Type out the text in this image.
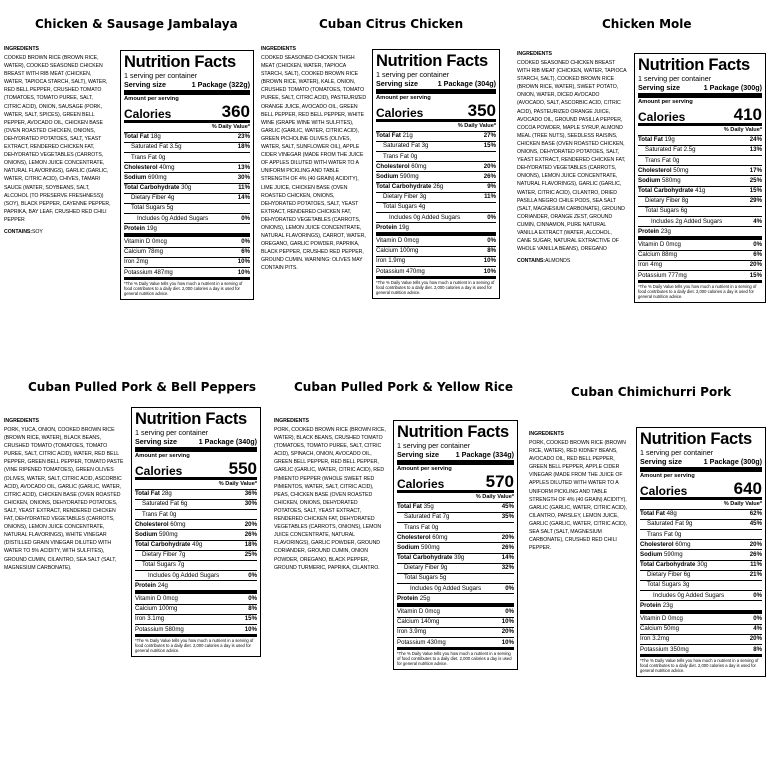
Chicken & Sausage Jambalaya
INGREDIENTS
COOKED BROWN RICE (BROWN RICE, WATER), COOKED SEASONED CHICKEN BREAST WITH RIB MEAT (CHICKEN, WATER, TAPIOCA STARCH, SALT), WATER, RED BELL PEPPER, CRUSHED TOMATO (TOMATOES, TOMATO PUREE, SALT, CITRIC ACID), ONION, SAUSAGE (PORK, WATER, SALT, SPICES), GREEN BELL PEPPER, AVOCADO OIL, CHICKEN BASE (OVEN ROASTED CHICKEN, ONIONS, DEHYDRATED POTATOES, SALT, YEAST EXTRACT, RENDERED CHICKEN FAT, DEHYDRATED VEGETABLES (CARROTS, ONIONS), LEMON JUICE CONCENTRATE, NATURAL FLAVORINGS), GARLIC (GARLIC, WATER, CITRIC ACID), CHIVES, TAMARI SAUCE (WATER, SOYBEANS, SALT, ALCOHOL (TO PRESERVE FRESHNESS)) (SOY), BLACK PEPPER, CAYENNE PEPPER, PAPRIKA, BAY LEAF, CRUSHED RED CHILI PEPPER
CONTAINS:SOY
Nutrition Facts
1 serving per container
Serving size	1 Package (322g)
Amount per serving
Calories	360
% Daily Value*
Total Fat 18g	23%
Saturated Fat 3.5g	18%
Trans Fat 0g
Cholesterol 40mg	13%
Sodium 690mg	30%
Total Carbohydrate 30g	11%
Dietary Fiber 4g	14%
Total Sugars 5g
Includes 0g Added Sugars	0%
Protein 19g
Vitamin D 0mcg	0%
Calcium 78mg	6%
Iron 2mg	10%
Potassium 487mg	10%
*The % Daily Value tells you how much a nutrient in a serving of food contributes to a daily diet. 2,000 calories a day is used for general nutrition advice.
Cuban Citrus Chicken
INGREDIENTS
COOKED SEASONED CHICKEN THIGH MEAT (CHICKEN, WATER, TAPIOCA STARCH, SALT), COOKED BROWN RICE (BROWN RICE, WATER), KALE, ONION, CRUSHED TOMATO (TOMATOES, TOMATO PUREE, SALT, CITRIC ACID), PASTEURIZED ORANGE JUICE, AVOCADO OIL, GREEN BELL PEPPER, RED BELL PEPPER, WHITE WINE (GRAPE WINE WITH SULFITES), GARLIC (GARLIC, WATER, CITRIC ACID), GREEN PICHOLINE OLIVES (OLIVES, WATER, SALT, SUNFLOWER OIL), APPLE CIDER VINEGAR (MADE FROM THE JUICE OF APPLES DILUTED WITH WATER TO A UNIFORM PICKLING AND TABLE STRENGTH OF 4% (40 GRAIN) ACIDITY), LIME JUICE, CHICKEN BASE (OVEN ROASTED CHICKEN, ONIONS, DEHYDRATED POTATOES, SALT, YEAST EXTRACT, RENDERED CHICKEN FAT, DEHYDRATED VEGETABLES (CARROTS, ONIONS), LEMON JUICE CONCENTRATE, NATURAL FLAVORINGS), CARROT, WATER, OREGANO, GARLIC POWDER, PAPRIKA, BLACK PEPPER, CRUSHED RED PEPPER, GROUND CUMIN. WARNING: OLIVES MAY CONTAIN PITS.
Nutrition Facts
1 serving per container
Serving size	1 Package (304g)
Amount per serving
Calories	350
% Daily Value*
Total Fat 21g	27%
Saturated Fat 3g	15%
Trans Fat 0g
Cholesterol 60mg	20%
Sodium 590mg	26%
Total Carbohydrate 26g	9%
Dietary Fiber 3g	11%
Total Sugars 4g
Includes 0g Added Sugars	0%
Protein 19g
Vitamin D 0mcg	0%
Calcium 100mg	8%
Iron 1.9mg	10%
Potassium 470mg	10%
*The % Daily Value tells you how much a nutrient in a serving of food contributes to a daily diet. 2,000 calories a day is used for general nutrition advice.
Chicken Mole
INGREDIENTS
COOKED SEASONED CHICKEN BREAST WITH RIB MEAT (CHICKEN, WATER, TAPIOCA STARCH, SALT), COOKED BROWN RICE (BROWN RICE, WATER), SWEET POTATO, ONION, WATER, DICED AVOCADO (AVOCADO, SALT, ASCORBIC ACID, CITRIC ACID), PASTEURIZED ORANGE JUICE, AVOCADO OIL, GROUND PASILLA PEPPER, COCOA POWDER, MAPLE SYRUP, ALMOND MEAL (TREE NUTS), SEEDLESS RAISINS, CHICKEN BASE (OVEN ROASTED CHICKEN, ONIONS, DEHYDRATED POTATOES, SALT, YEAST EXTRACT, RENDERED CHICKEN FAT, DEHYDRATED VEGETABLES (CARROTS, ONIONS), LEMON JUICE CONCENTRATE, NATURAL FLAVORINGS), GARLIC (GARLIC, WATER, CITRIC ACID), CILANTRO, DRIED PASILLA NEGRO CHILE PODS, SEA SALT (SALT, MAGNESIUM CARBONATE), GROUND CORIANDER, ORANGE ZEST, GROUND CUMIN, CINNAMON, PURE NATURAL VANILLA EXTRACT (WATER, ALCOHOL, CANE SUGAR, NATURAL EXTRACTIVE OF WHOLE VANILLA BEANS), OREGANO
CONTAINS:ALMONDS
Nutrition Facts
1 serving per container
Serving size	1 Package (300g)
Amount per serving
Calories	410
% Daily Value*
Total Fat 19g	24%
Saturated Fat 2.5g	13%
Trans Fat 0g
Cholesterol 50mg	17%
Sodium 580mg	25%
Total Carbohydrate 41g	15%
Dietary Fiber 8g	29%
Total Sugars 6g
Includes 2g Added Sugars	4%
Protein 23g
Vitamin D 0mcg	0%
Calcium 88mg	6%
Iron 4mg	20%
Potassium 777mg	15%
*The % Daily Value tells you how much a nutrient in a serving of food contributes to a daily diet. 2,000 calories a day is used for general nutrition advice.
Cuban Pulled Pork & Bell Peppers
INGREDIENTS
PORK, YUCA, ONION, COOKED BROWN RICE (BROWN RICE, WATER), BLACK BEANS, CRUSHED TOMATO (TOMATOES, TOMATO PUREE, SALT, CITRIC ACID), WATER, RED BELL PEPPER, GREEN BELL PEPPER, TOMATO PASTE (VINE RIPENED TOMATOES), GREEN OLIVES (OLIVES, WATER, SALT, CITRIC ACID, ASCORBIC ACID), AVOCADO OIL, GARLIC (GARLIC, WATER, CITRIC ACID), CHICKEN BASE (OVEN ROASTED CHICKEN, ONIONS, DEHYDRATED POTATOES, SALT, YEAST EXTRACT, RENDERED CHICKEN FAT, DEHYDRATED VEGETABLES (CARROTS, ONIONS), LEMON JUICE CONCENTRATE, NATURAL FLAVORINGS), WHITE VINEGAR (DISTILLED GRAIN VINEGAR DILUTED WITH WATER TO 5% ACIDITY, WITH SULFITES), GROUND CUMIN, CILANTRO, SEA SALT (SALT, MAGNESIUM CARBONATE).
Nutrition Facts
1 serving per container
Serving size	1 Package (340g)
Amount per serving
Calories	550
% Daily Value*
Total Fat 28g	36%
Saturated Fat 6g	30%
Trans Fat 0g
Cholesterol 60mg	20%
Sodium 590mg	26%
Total Carbohydrate 49g	18%
Dietary Fiber 7g	25%
Total Sugars 7g
Includes 0g Added Sugars	0%
Protein 24g
Vitamin D 0mcg	0%
Calcium 100mg	8%
Iron 3.1mg	15%
Potassium 580mg	10%
*The % Daily Value tells you how much a nutrient in a serving of food contributes to a daily diet. 2,000 calories a day is used for general nutrition advice.
Cuban Pulled Pork & Yellow Rice
INGREDIENTS
PORK, COOKED BROWN RICE (BROWN RICE, WATER), BLACK BEANS, CRUSHED TOMATO (TOMATOES, TOMATO PUREE, SALT, CITRIC ACID), SPINACH, ONION, AVOCADO OIL, GREEN BELL PEPPER, RED BELL PEPPER, GARLIC (GARLIC, WATER, CITRIC ACID), RED PIMIENTO PEPPER (WHOLE SWEET RED PIMIENTOS, WATER, SALT, CITRIC ACID), PEAS, CHICKEN BASE (OVEN ROASTED CHICKEN, ONIONS, DEHYDRATED POTATOES, SALT, YEAST EXTRACT, RENDERED CHICKEN FAT, DEHYDRATED VEGETABLES (CARROTS, ONIONS), LEMON JUICE CONCENTRATE, NATURAL FLAVORINGS), GARLIC POWDER, GROUND CORIANDER, GROUND CUMIN, ONION POWDER, OREGANO, BLACK PEPPER, GROUND TURMERIC, PAPRIKA, CILANTRO.
Nutrition Facts
1 serving per container
Serving size 1 Package (334g)
Amount per serving
Calories 570
% Daily Value*
Total Fat 35g	45%
Saturated Fat 7g	35%
Trans Fat 0g
Cholesterol 60mg	20%
Sodium 590mg	26%
Total Carbohydrate 39g	14%
Dietary Fiber 9g	32%
Total Sugars 5g
Includes 0g Added Sugars	0%
Protein 25g
Vitamin D 0mcg	0%
Calcium 140mg	10%
Iron 3.9mg	20%
Potassium 430mg	10%
*The % Daily Value tells you how much a nutrient in a serving of food contributes to a daily diet. 2,000 calories a day is used for general nutrition advice.
Cuban Chimichurri Pork
INGREDIENTS
PORK, COOKED BROWN RICE (BROWN RICE, WATER), RED KIDNEY BEANS, AVOCADO OIL, RED BELL PEPPER, GREEN BELL PEPPER, APPLE CIDER VINEGAR (MADE FROM THE JUICE OF APPLES DILUTED WITH WATER TO A UNIFORM PICKLING AND TABLE STRENGTH OF 4% (40 GRAIN) ACIDITY), GARLIC (GARLIC, WATER, CITRIC ACID), CILANTRO, PARSLEY, LEMON JUICE, GARLIC (GARLIC, WATER, CITRIC ACID), SEA SALT (SALT, MAGNESIUM CARBONATE), CRUSHED RED CHILI PEPPER.
Nutrition Facts
1 serving per container
Serving size	1 Package (300g)
Amount per serving
Calories	640
% Daily Value*
Total Fat 48g	62%
Saturated Fat 9g	45%
Trans Fat 0g
Cholesterol 60mg	20%
Sodium 590mg	26%
Total Carbohydrate 30g	11%
Dietary Fiber 6g	21%
Total Sugars 3g
Includes 0g Added Sugars	0%
Protein 23g
Vitamin D 0mcg	0%
Calcium 50mg	4%
Iron 3.2mg	20%
Potassium 350mg	8%
*The % Daily Value tells you how much a nutrient in a serving of food contributes to a daily diet. 2,000 calories a day is used for general nutrition advice.
